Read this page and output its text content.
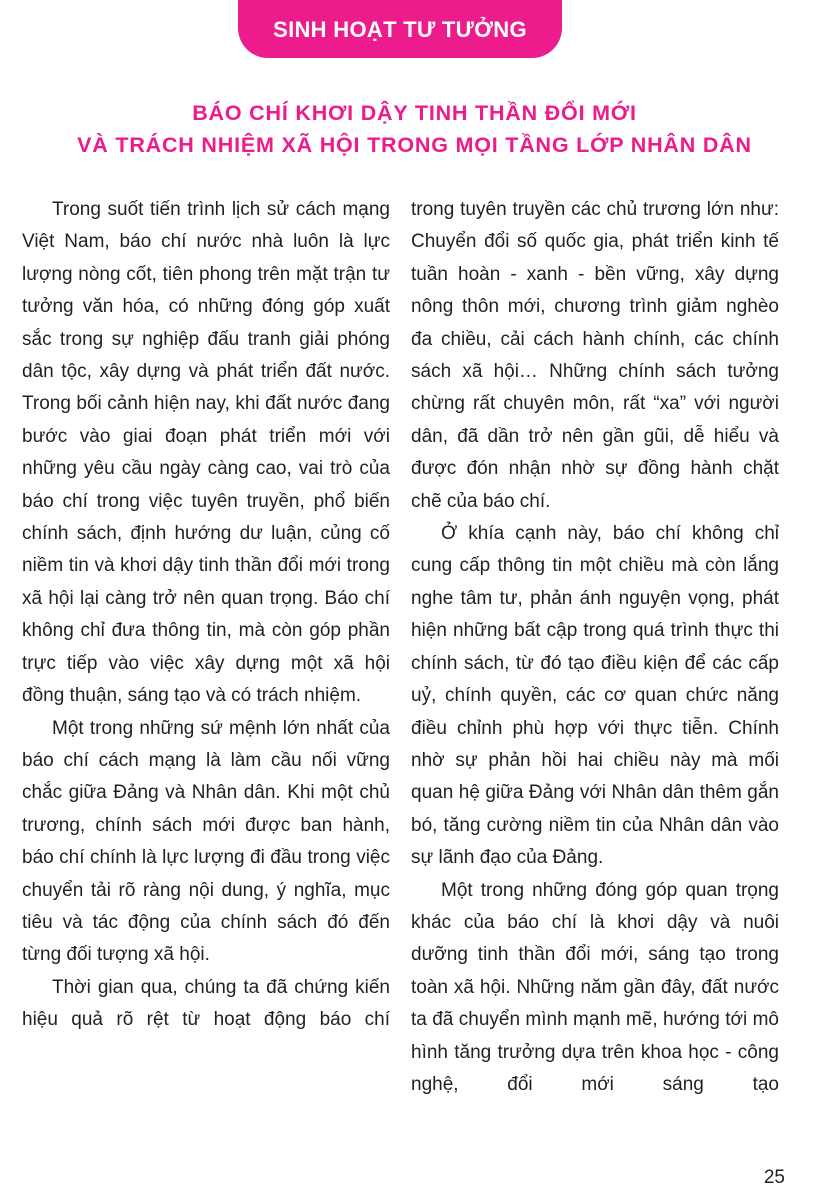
SINH HOẠT TƯ TƯỞNG
BÁO CHÍ KHƠI DẬY TINH THẦN ĐỔI MỚI
VÀ TRÁCH NHIỆM XÃ HỘI TRONG MỌI TẦNG LỚP NHÂN DÂN

Trong suốt tiến trình lịch sử cách mạng Việt Nam, báo chí nước nhà luôn là lực lượng nòng cốt, tiên phong trên mặt trận tư tưởng văn hóa, có những đóng góp xuất sắc trong sự nghiệp đấu tranh giải phóng dân tộc, xây dựng và phát triển đất nước. Trong bối cảnh hiện nay, khi đất nước đang bước vào giai đoạn phát triển mới với những yêu cầu ngày càng cao, vai trò của báo chí trong việc tuyên truyền, phổ biến chính sách, định hướng dư luận, củng cố niềm tin và khơi dậy tinh thần đổi mới trong xã hội lại càng trở nên quan trọng. Báo chí không chỉ đưa thông tin, mà còn góp phần trực tiếp vào việc xây dựng một xã hội đồng thuận, sáng tạo và có trách nhiệm.

Một trong những sứ mệnh lớn nhất của báo chí cách mạng là làm cầu nối vững chắc giữa Đảng và Nhân dân. Khi một chủ trương, chính sách mới được ban hành, báo chí chính là lực lượng đi đầu trong việc chuyển tải rõ ràng nội dung, ý nghĩa, mục tiêu và tác động của chính sách đó đến từng đối tượng xã hội.

Thời gian qua, chúng ta đã chứng kiến hiệu quả rõ rệt từ hoạt động báo chí

trong tuyên truyền các chủ trương lớn như: Chuyển đổi số quốc gia, phát triển kinh tế tuần hoàn - xanh - bền vững, xây dựng nông thôn mới, chương trình giảm nghèo đa chiều, cải cách hành chính, các chính sách xã hội… Những chính sách tưởng chừng rất chuyên môn, rất “xa” với người dân, đã dần trở nên gần gũi, dễ hiểu và được đón nhận nhờ sự đồng hành chặt chẽ của báo chí.

Ở khía cạnh này, báo chí không chỉ cung cấp thông tin một chiều mà còn lắng nghe tâm tư, phản ánh nguyện vọng, phát hiện những bất cập trong quá trình thực thi chính sách, từ đó tạo điều kiện để các cấp uỷ, chính quyền, các cơ quan chức năng điều chỉnh phù hợp với thực tiễn. Chính nhờ sự phản hồi hai chiều này mà mối quan hệ giữa Đảng với Nhân dân thêm gắn bó, tăng cường niềm tin của Nhân dân vào sự lãnh đạo của Đảng.

Một trong những đóng góp quan trọng khác của báo chí là khơi dậy và nuôi dưỡng tinh thần đổi mới, sáng tạo trong toàn xã hội. Những năm gần đây, đất nước ta đã chuyển mình mạnh mẽ, hướng tới mô hình tăng trưởng dựa trên khoa học - công nghệ, đổi mới sáng tạo

25
